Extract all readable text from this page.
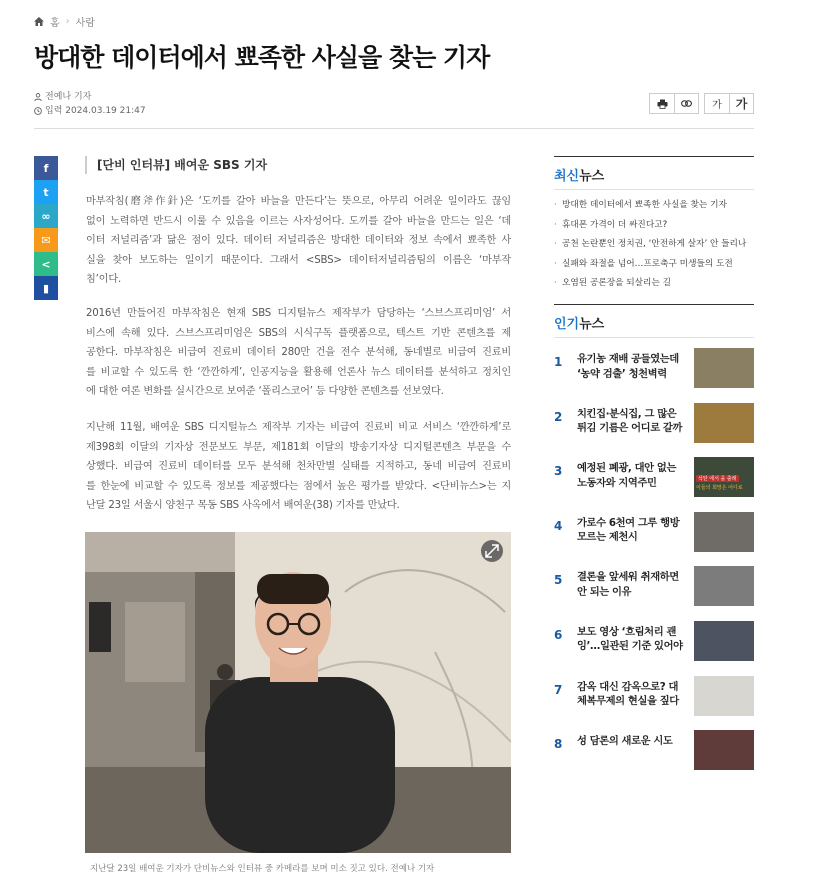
홈 › 사람
방대한 데이터에서 뾰족한 사실을 찾는 기자
전예나 기자
입력 2024.03.19 21:47	가	가
f
t
∞
✉
<
▮
[단비 인터뷰] 배여운 SBS 기자
마부작침(磨斧作針)은 ‘도끼를 갈아 바늘을 만든다’는 뜻으로, 아무리 어려운 일이라도 끊임
없이 노력하면 반드시 이룰 수 있음을 이르는 사자성어다. 도끼를 갈아 바늘을 만드는 일은 ‘데
이터 저널리즘’과 닮은 점이 있다. 데이터 저널리즘은 방대한 데이터와 정보 속에서 뾰족한 사
실을 찾아 보도하는 일이기 때문이다. 그래서 <SBS> 데이터저널리즘팀의 이름은 ‘마부작
침’이다.
2016년 만들어진 마부작침은 현재 SBS 디지털뉴스 제작부가 담당하는 ‘스브스프리미엄’ 서
비스에 속해 있다. 스브스프리미엄은 SBS의 시식구독 플랫폼으로, 텍스트 기반 콘텐츠를 제
공한다. 마부작침은 비급여 진료비 데이터 280만 건을 전수 분석해, 동네별로 비급여 진료비
를 비교할 수 있도록 한 ‘깐깐하게’, 인공지능을 활용해 언론사 뉴스 데이터를 분석하고 정치인
에 대한 여론 변화를 실시간으로 보여준 ‘폴리스코어’ 등 다양한 콘텐츠를 선보였다.
지난해 11월, 배여운 SBS 디지털뉴스 제작부 기자는 비급여 진료비 비교 서비스 ‘깐깐하게’로
제398회 이달의 기자상 전문보도 부문, 제181회 이달의 방송기자상 디지털콘텐츠 부문을 수
상했다. 비급여 진료비 데이터를 모두 분석해 천차만별 실태를 지적하고, 동네 비급여 진료비
를 한눈에 비교할 수 있도록 정보를 제공했다는 점에서 높은 평가를 받았다. <단비뉴스>는 지
난달 23일 서울시 양천구 목동 SBS 사옥에서 배여운(38) 기자를 만났다.
지난달 23일 배여운 기자가 단비뉴스와 인터뷰 중 카메라를 보며 미소 짓고 있다. 전예나 기자
최신뉴스
· 방대한 데이터에서 뾰족한 사실을 찾는 기자
· 휴대폰 가격이 더 싸진다고?
· 공천 논란뿐인 정치권, ‘안전하게 살자’ 안 들리나
· 실패와 좌절을 넘어…프로축구 미생들의 도전
· 오염된 공론장을 되살리는 길
인기뉴스
1 유기농 재배 공들였는데
‘농약 검출’ 청천벽력
2 치킨집·분식집, 그 많은
튀김 기름은 어디로 갈까
3 예정된 폐광, 대안 없는
노동자와 지역주민	석탄 에서 을 출래
이들의 희망은 어디로
4 가로수 6천여 그루 행방
모르는 제천시
5 결론을 앞세워 취재하면
안 되는 이유
6 보도 영상 ‘흐림처리 괜
잉’…일관된 기준 있어야
7 감옥 대신 감옥으로? 대
체복무제의 현실을 짚다
8 성 담론의 새로운 시도
